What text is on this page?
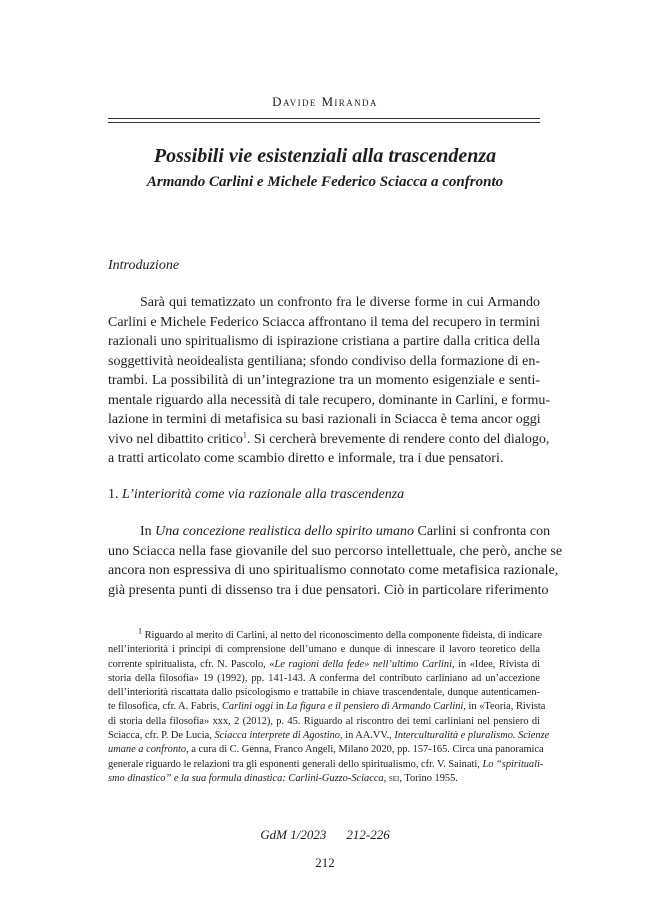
Davide Miranda
Possibili vie esistenziali alla trascendenza
Armando Carlini e Michele Federico Sciacca a confronto
Introduzione

Sarà qui tematizzato un confronto fra le diverse forme in cui Armando
Carlini e Michele Federico Sciacca affrontano il tema del recupero in termini
razionali uno spiritualismo di ispirazione cristiana a partire dalla critica della
soggettività neoidealista gentiliana; sfondo condiviso della formazione di en-
trambi. La possibilità di un’integrazione tra un momento esigenziale e senti-
mentale riguardo alla necessità di tale recupero, dominante in Carlini, e formu-
lazione in termini di metafisica su basi razionali in Sciacca è tema ancor oggi
vivo nel dibattito critico$^1$. Si cercherà brevemente di rendere conto del dialogo,
a tratti articolato come scambio diretto e informale, tra i due pensatori.

1. L’interiorità come via razionale alla trascendenza

In Una concezione realistica dello spirito umano Carlini si confronta con
uno Sciacca nella fase giovanile del suo percorso intellettuale, che però, anche se
ancora non espressiva di uno spiritualismo connotato come metafisica razionale,
già presenta punti di dissenso tra i due pensatori. Ciò in particolare riferimento

$^1$ Riguardo al merito di Carlini, al netto del riconoscimento della componente fideista, di indicare
nell’interiorità i principi di comprensione dell’umano e dunque di innescare il lavoro teoretico della
corrente spiritualista, cfr. N. Pascolo, «Le ragioni della fede» nell’ultimo Carlini, in «Idee, Rivista di
storia della filosofia» 19 (1992), pp. 141-143. A conferma del contributo carliniano ad un’accezione
dell’interiorità riscattata dallo psicologismo e trattabile in chiave trascendentale, dunque autenticamen-
te filosofica, cfr. A. Fabris, Carlini oggi in La figura e il pensiero di Armando Carlini, in «Teoria, Rivista
di storia della filosofia» xxx, 2 (2012), p. 45. Riguardo al riscontro dei temi carliniani nel pensiero di
Sciacca, cfr. P. De Lucia, Sciacca interprete di Agostino, in AA.VV., Interculturalità e pluralismo. Scienze
umane a confronto, a cura di C. Genna, Franco Angeli, Milano 2020, pp. 157-165. Circa una panoramica
generale riguardo le relazioni tra gli esponenti generali dello spiritualismo, cfr. V. Sainati, Lo “spirituali-
smo dinastico” e la sua formula dinastica: Carlini-Guzzo-Sciacca, sei, Torino 1955.
GdM 1/2023 212-226
212
